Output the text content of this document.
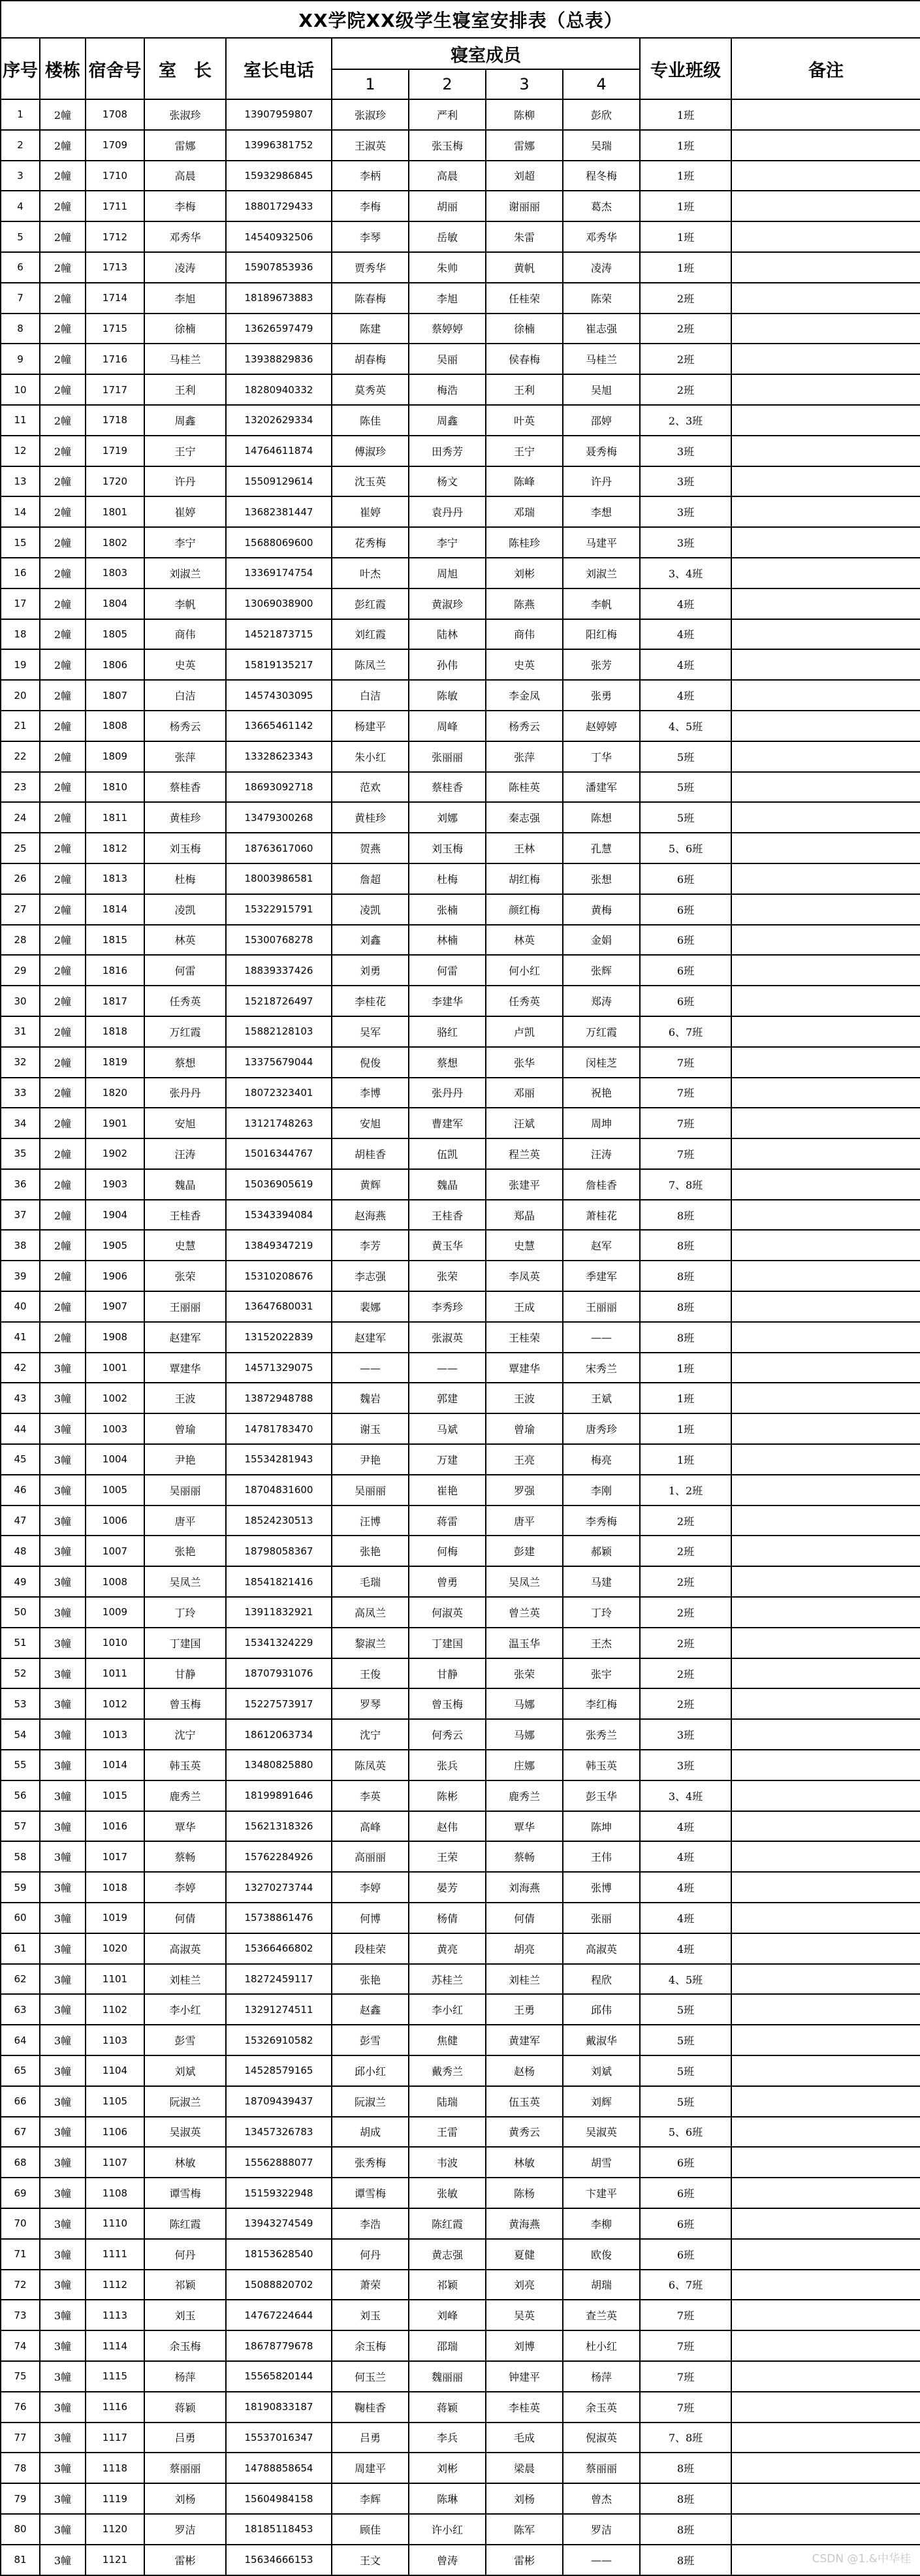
XX学院XX级学生寝室安排表（总表）										
序号	楼栋	宿舍号	室　长	室长电话	寝室成员				专业班级	备注
					1	2	3	4		
1	2幢	1708	张淑珍	13907959807	张淑珍	严利	陈柳	彭欣	1班	
2	2幢	1709	雷娜	13996381752	王淑英	张玉梅	雷娜	吴瑞	1班	
3	2幢	1710	高晨	15932986845	李柄	高晨	刘超	程冬梅	1班	
4	2幢	1711	李梅	18801729433	李梅	胡丽	谢丽丽	葛杰	1班	
5	2幢	1712	邓秀华	14540932506	李琴	岳敏	朱雷	邓秀华	1班	
6	2幢	1713	凌涛	15907853936	贾秀华	朱帅	黄帆	凌涛	1班	
7	2幢	1714	李旭	18189673883	陈春梅	李旭	任桂荣	陈荣	2班	
8	2幢	1715	徐楠	13626597479	陈建	蔡婷婷	徐楠	崔志强	2班	
9	2幢	1716	马桂兰	13938829836	胡春梅	吴丽	侯春梅	马桂兰	2班	
10	2幢	1717	王利	18280940332	莫秀英	梅浩	王利	吴旭	2班	
11	2幢	1718	周鑫	13202629334	陈佳	周鑫	叶英	邵婷	2、3班	
12	2幢	1719	王宁	14764611874	傅淑珍	田秀芳	王宁	聂秀梅	3班	
13	2幢	1720	许丹	15509129614	沈玉英	杨文	陈峰	许丹	3班	
14	2幢	1801	崔婷	13682381447	崔婷	袁丹丹	邓瑞	李想	3班	
15	2幢	1802	李宁	15688069600	花秀梅	李宁	陈桂珍	马建平	3班	
16	2幢	1803	刘淑兰	13369174754	叶杰	周旭	刘彬	刘淑兰	3、4班	
17	2幢	1804	李帆	13069038900	彭红霞	黄淑珍	陈燕	李帆	4班	
18	2幢	1805	商伟	14521873715	刘红霞	陆林	商伟	阳红梅	4班	
19	2幢	1806	史英	15819135217	陈凤兰	孙伟	史英	张芳	4班	
20	2幢	1807	白洁	14574303095	白洁	陈敏	李金凤	张勇	4班	
21	2幢	1808	杨秀云	13665461142	杨建平	周峰	杨秀云	赵婷婷	4、5班	
22	2幢	1809	张萍	13328623343	朱小红	张丽丽	张萍	丁华	5班	
23	2幢	1810	蔡桂香	18693092718	范欢	蔡桂香	陈桂英	潘建军	5班	
24	2幢	1811	黄桂珍	13479300268	黄桂珍	刘娜	秦志强	陈想	5班	
25	2幢	1812	刘玉梅	18763617060	贺燕	刘玉梅	王林	孔慧	5、6班	
26	2幢	1813	杜梅	18003986581	詹超	杜梅	胡红梅	张想	6班	
27	2幢	1814	凌凯	15322915791	凌凯	张楠	颜红梅	黄梅	6班	
28	2幢	1815	林英	15300768278	刘鑫	林楠	林英	金娟	6班	
29	2幢	1816	何雷	18839337426	刘勇	何雷	何小红	张辉	6班	
30	2幢	1817	任秀英	15218726497	李桂花	李建华	任秀英	郑涛	6班	
31	2幢	1818	万红霞	15882128103	吴军	骆红	卢凯	万红霞	6、7班	
32	2幢	1819	蔡想	13375679044	倪俊	蔡想	张华	闵桂芝	7班	
33	2幢	1820	张丹丹	18072323401	李博	张丹丹	邓丽	祝艳	7班	
34	2幢	1901	安旭	13121748263	安旭	曹建军	汪斌	周坤	7班	
35	2幢	1902	汪涛	15016344767	胡桂香	伍凯	程兰英	汪涛	7班	
36	2幢	1903	魏晶	15036905619	黄辉	魏晶	张建平	詹桂香	7、8班	
37	2幢	1904	王桂香	15343394084	赵海燕	王桂香	郑晶	萧桂花	8班	
38	2幢	1905	史慧	13849347219	李芳	黄玉华	史慧	赵军	8班	
39	2幢	1906	张荣	15310208676	李志强	张荣	李凤英	季建军	8班	
40	2幢	1907	王丽丽	13647680031	裴娜	李秀珍	王成	王丽丽	8班	
41	2幢	1908	赵建军	13152022839	赵建军	张淑英	王桂荣	——	8班	
42	3幢	1001	覃建华	14571329075	——	——	覃建华	宋秀兰	1班	
43	3幢	1002	王波	13872948788	魏岩	郭建	王波	王斌	1班	
44	3幢	1003	曾瑜	14781783470	谢玉	马斌	曾瑜	唐秀珍	1班	
45	3幢	1004	尹艳	15534281943	尹艳	万建	王亮	梅亮	1班	
46	3幢	1005	吴丽丽	18704831600	吴丽丽	崔艳	罗强	李刚	1、2班	
47	3幢	1006	唐平	18524230513	汪博	蒋雷	唐平	李秀梅	2班	
48	3幢	1007	张艳	18798058367	张艳	何梅	彭建	郝颖	2班	
49	3幢	1008	吴凤兰	18541821416	毛瑞	曾勇	吴凤兰	马建	2班	
50	3幢	1009	丁玲	13911832921	高凤兰	何淑英	曾兰英	丁玲	2班	
51	3幢	1010	丁建国	15341324229	黎淑兰	丁建国	温玉华	王杰	2班	
52	3幢	1011	甘静	18707931076	王俊	甘静	张荣	张宇	2班	
53	3幢	1012	曾玉梅	15227573917	罗琴	曾玉梅	马娜	李红梅	2班	
54	3幢	1013	沈宁	18612063734	沈宁	何秀云	马娜	张秀兰	3班	
55	3幢	1014	韩玉英	13480825880	陈凤英	张兵	庄娜	韩玉英	3班	
56	3幢	1015	鹿秀兰	18199891646	李英	陈彬	鹿秀兰	彭玉华	3、4班	
57	3幢	1016	覃华	15621318326	高峰	赵伟	覃华	陈坤	4班	
58	3幢	1017	蔡畅	15762284926	高丽丽	王荣	蔡畅	王伟	4班	
59	3幢	1018	李婷	13270273744	李婷	晏芳	刘海燕	张博	4班	
60	3幢	1019	何倩	15738861476	何博	杨倩	何倩	张丽	4班	
61	3幢	1020	高淑英	15366466802	段桂荣	黄亮	胡亮	高淑英	4班	
62	3幢	1101	刘桂兰	18272459117	张艳	苏桂兰	刘桂兰	程欣	4、5班	
63	3幢	1102	李小红	13291274511	赵鑫	李小红	王勇	邱伟	5班	
64	3幢	1103	彭雪	15326910582	彭雪	焦健	黄建军	戴淑华	5班	
65	3幢	1104	刘斌	14528579165	邱小红	戴秀兰	赵杨	刘斌	5班	
66	3幢	1105	阮淑兰	18709439437	阮淑兰	陆瑞	伍玉英	刘辉	5班	
67	3幢	1106	吴淑英	13457326783	胡成	王雷	黄秀云	吴淑英	5、6班	
68	3幢	1107	林敏	15562888077	张秀梅	韦波	林敏	胡雪	6班	
69	3幢	1108	谭雪梅	15159322948	谭雪梅	张敏	陈杨	卞建平	6班	
70	3幢	1110	陈红霞	13943274549	李浩	陈红霞	黄海燕	李柳	6班	
71	3幢	1111	何丹	18153628540	何丹	黄志强	夏健	欧俊	6班	
72	3幢	1112	祁颖	15088820702	萧荣	祁颖	刘亮	胡瑞	6、7班	
73	3幢	1113	刘玉	14767224644	刘玉	刘峰	吴英	查兰英	7班	
74	3幢	1114	余玉梅	18678779678	余玉梅	邵瑞	刘博	杜小红	7班	
75	3幢	1115	杨萍	15565820144	何玉兰	魏丽丽	钟建平	杨萍	7班	
76	3幢	1116	蒋颖	18190833187	鞠桂香	蒋颖	李桂英	余玉英	7班	
77	3幢	1117	吕勇	15537016347	吕勇	李兵	毛成	倪淑英	7、8班	
78	3幢	1118	蔡丽丽	14788858654	周建平	刘彬	梁晨	蔡丽丽	8班	
79	3幢	1119	刘杨	15604984158	李辉	陈琳	刘杨	曾杰	8班	
80	3幢	1120	罗洁	18185118453	顾佳	许小红	陈军	罗洁	8班	
81	3幢	1121	雷彬	15634666153	王文	曾涛	雷彬	——	8班		CSDN @1.&中华桂
